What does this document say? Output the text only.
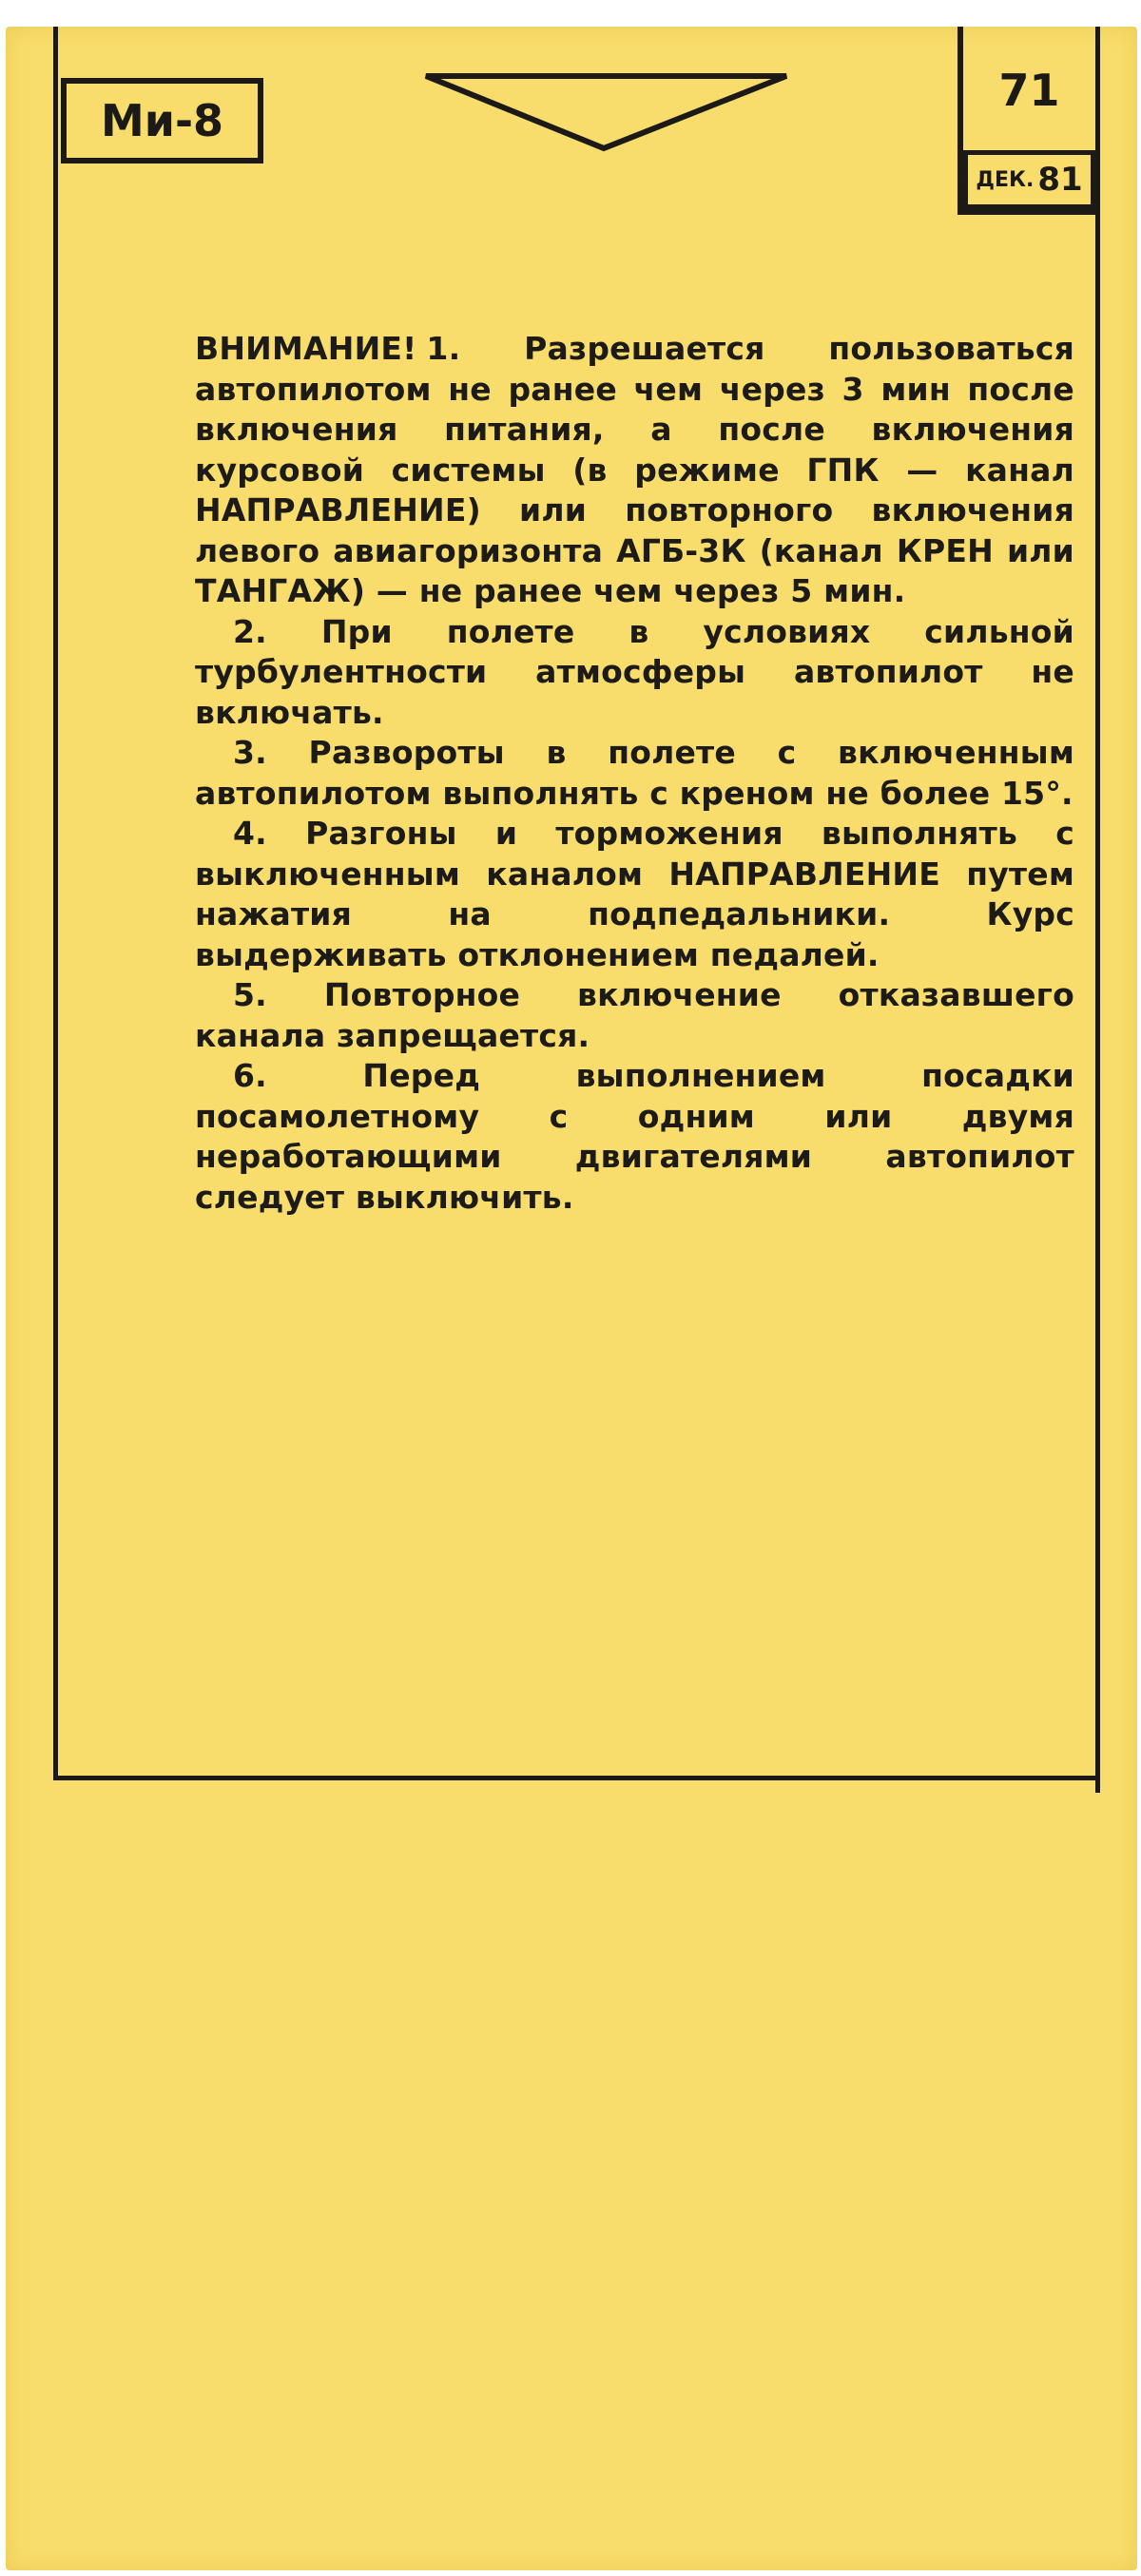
Ми-8
71
ДЕК. 81

ВНИМАНИЕ! 1. Разрешается пользоваться автопилотом не ранее чем через 3 мин после включения питания, а после включения курсовой системы (в режиме ГПК — канал НАПРАВЛЕНИЕ) или повторного включения левого авиагоризонта АГБ-3К (канал КРЕН или ТАНГАЖ) — не ранее чем через 5 мин.

2. При полете в условиях сильной турбулентности атмосферы автопилот не включать.

3. Развороты в полете с включенным автопилотом выполнять с креном не более 15°.

4. Разгоны и торможения выполнять с выключенным каналом НАПРАВЛЕНИЕ путем нажатия на подпедальники. Курс выдерживать отклонением педалей.

5. Повторное включение отказавшего канала запрещается.

6. Перед выполнением посадки посамолетному с одним или двумя неработающими двигателями автопилот следует выключить.
